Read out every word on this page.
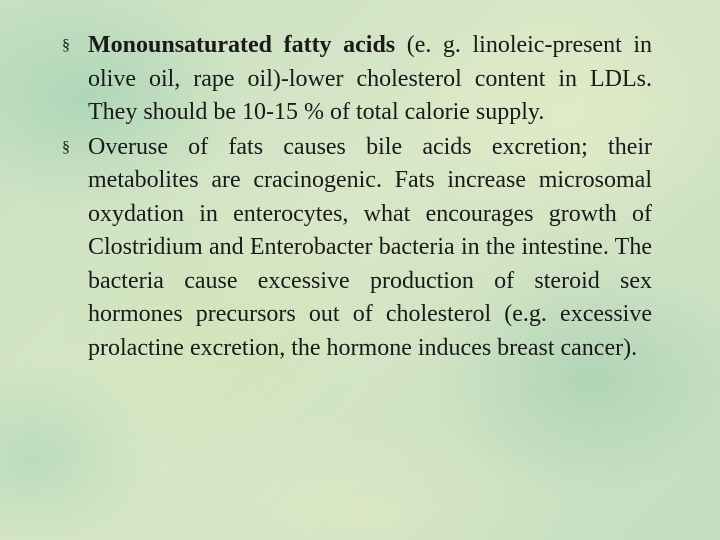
§ Monounsaturated fatty acids (e. g. linoleic-present in olive oil, rape oil)-lower cholesterol content in LDLs. They should be 10-15 % of total calorie supply.
§ Overuse of fats causes bile acids excretion; their metabolites are cracinogenic. Fats increase microsomal oxydation in enterocytes, what encourages growth of Clostridium and Enterobacter bacteria in the intestine. The bacteria cause excessive production of steroid sex hormones precursors out of cholesterol (e.g. excessive prolactine excretion, the hormone induces breast cancer).
